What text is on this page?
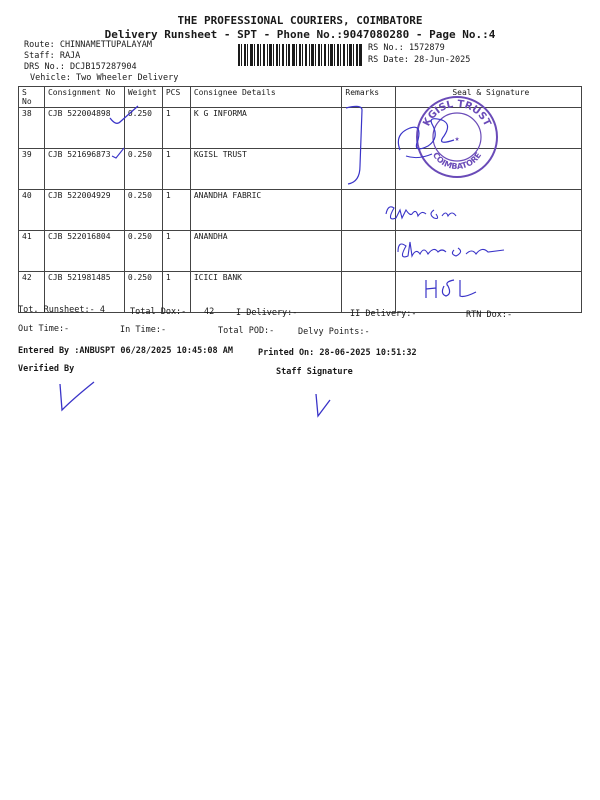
THE PROFESSIONAL COURIERS, COIMBATORE
Delivery Runsheet - SPT - Phone No.:9047080280 - Page No.:4
Route: CHINNAMETTUPALAYAM
Staff: RAJA
DRS No.: DCJB157287904
Vehicle: Two Wheeler Delivery
RS No.: 1572879
RS Date: 28-Jun-2025
S No	Consignment No	Weight	PCS	Consignee Details	Remarks	Seal & Signature
38	CJB 522004898	0.250	1	K G INFORMA		
39	CJB 521696873	0.250	1	KGISL TRUST		
40	CJB 522004929	0.250	1	ANANDHA FABRIC		
41	CJB 522016804	0.250	1	ANANDHA		
42	CJB 521981485	0.250	1	ICICI BANK		
KGISL TRUST
COIMBATORE
★
Tot. Runsheet:- 4	Total Dox:- 42	I Delivery:-	II Delivery:-	RTN Dox:-
Out Time:-	In Time:-	Total POD:-	Delvy Points:-
Entered By :ANBUSPT 06/28/2025 10:45:08 AM	Printed On: 28-06-2025 10:51:32
Verified By	Staff Signature
